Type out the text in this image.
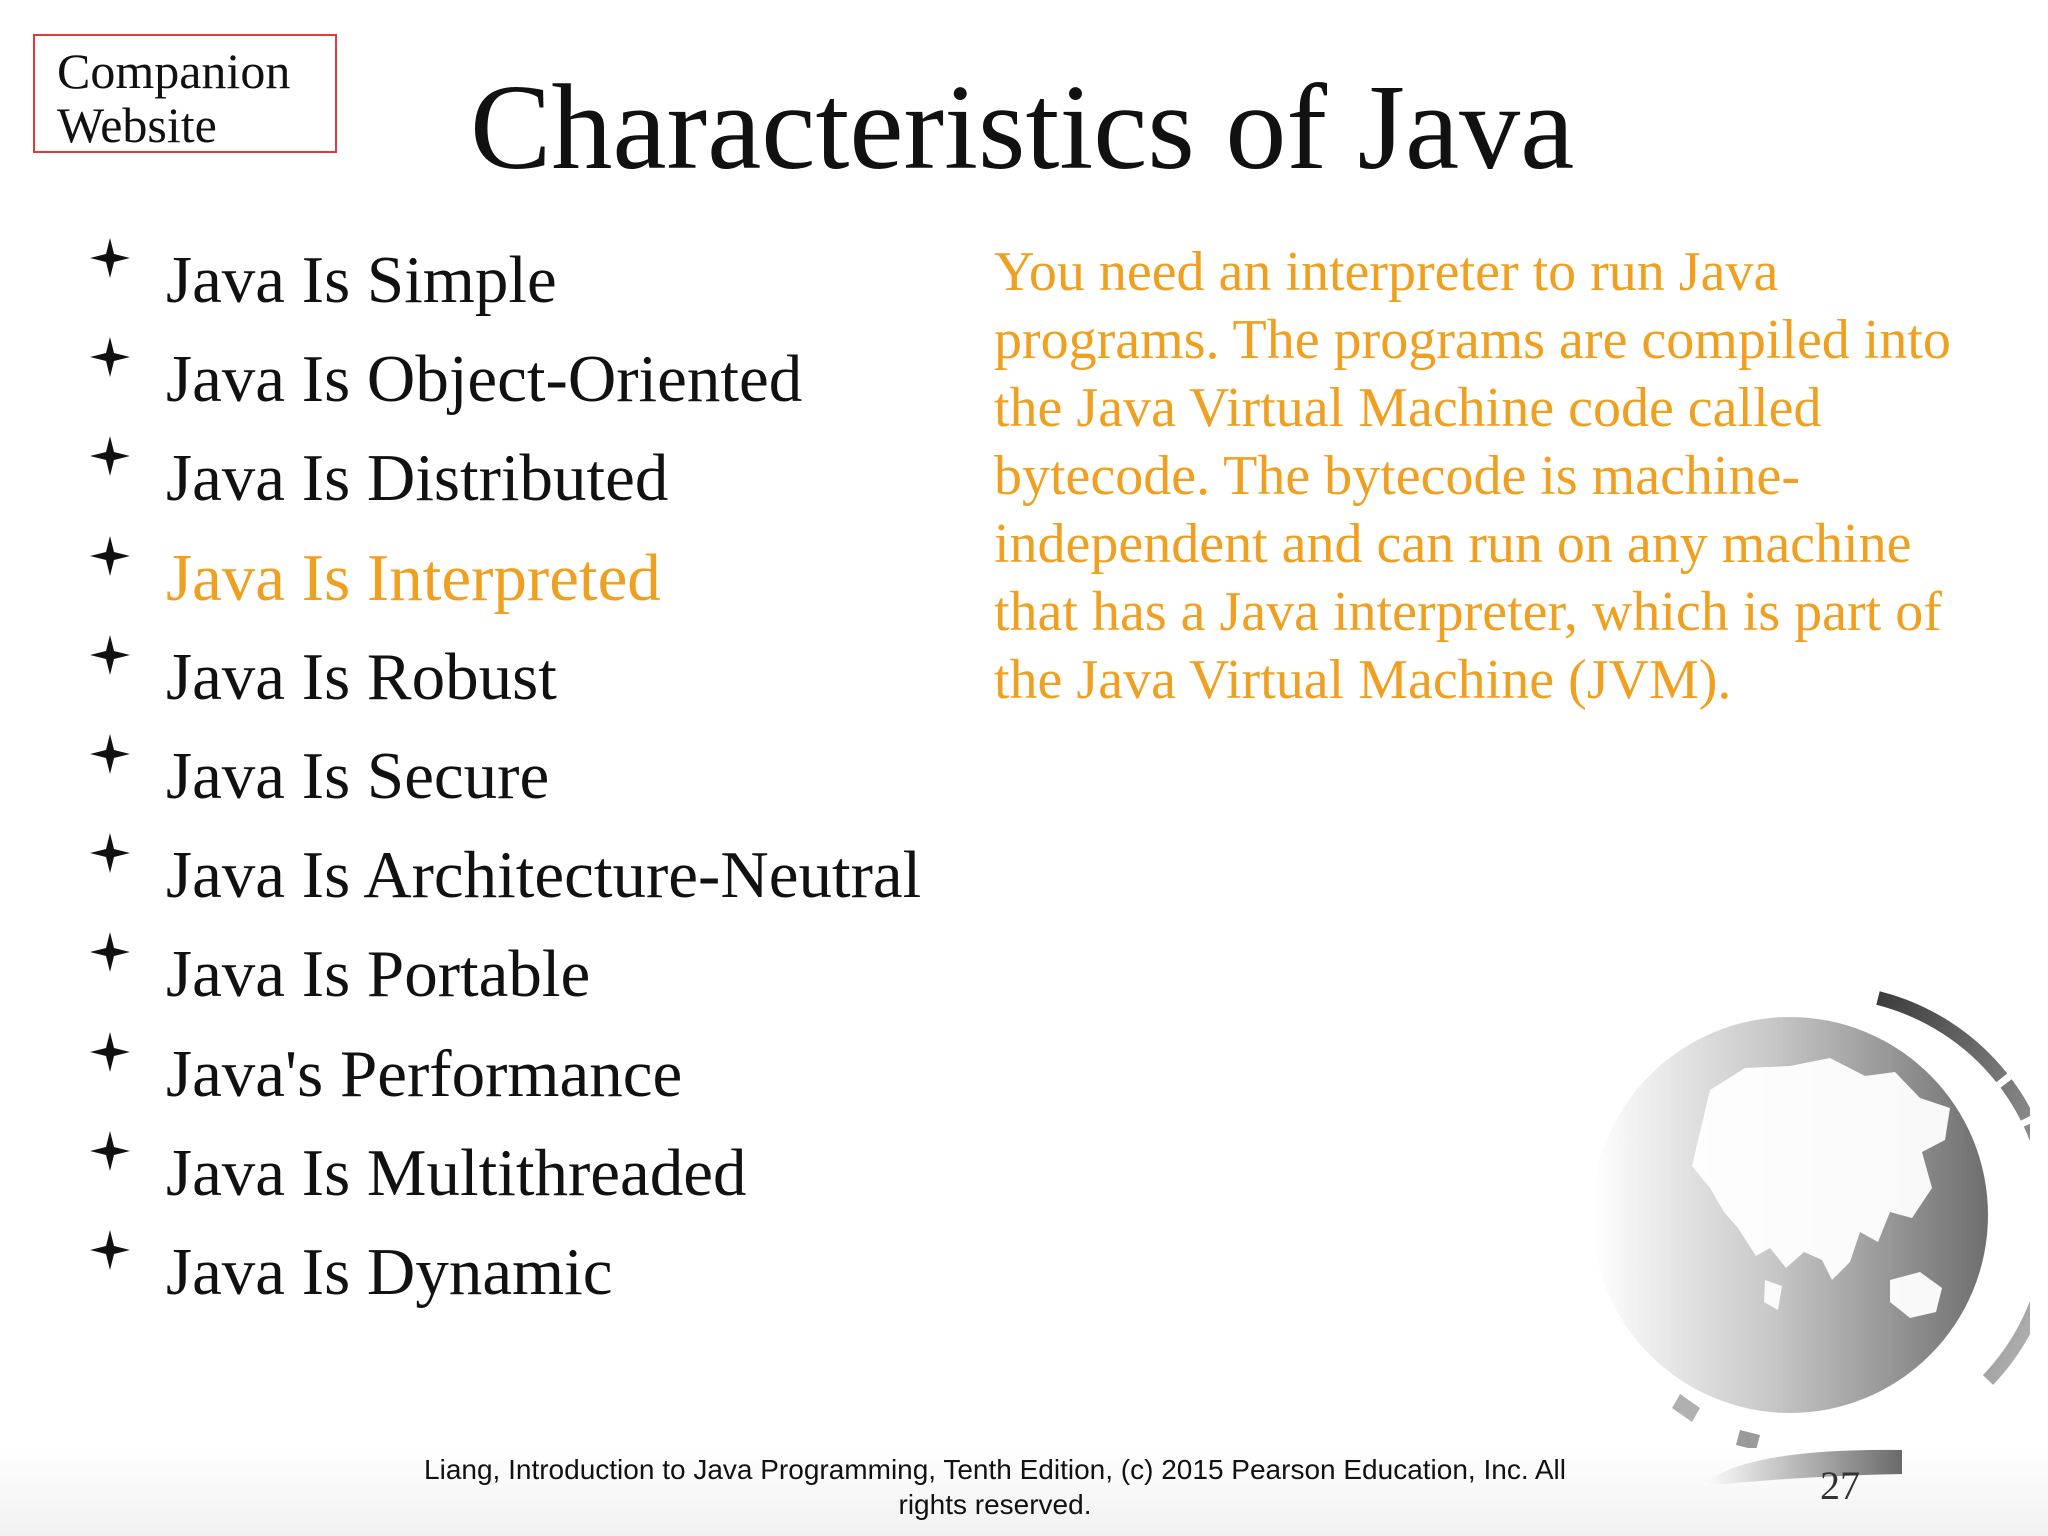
Companion
Website	Characteristics of Java
Java Is Simple
Java Is Object-Oriented
Java Is Distributed
Java Is Interpreted
Java Is Robust
Java Is Secure
Java Is Architecture-Neutral
Java Is Portable
Java's Performance
Java Is Multithreaded
Java Is Dynamic

You need an interpreter to run Java programs. The programs are compiled into the Java Virtual Machine code called bytecode. The bytecode is machine-independent and can run on any machine that has a Java interpreter, which is part of the Java Virtual Machine (JVM).

Liang, Introduction to Java Programming, Tenth Edition, (c) 2015 Pearson Education, Inc. All rights reserved.	27
